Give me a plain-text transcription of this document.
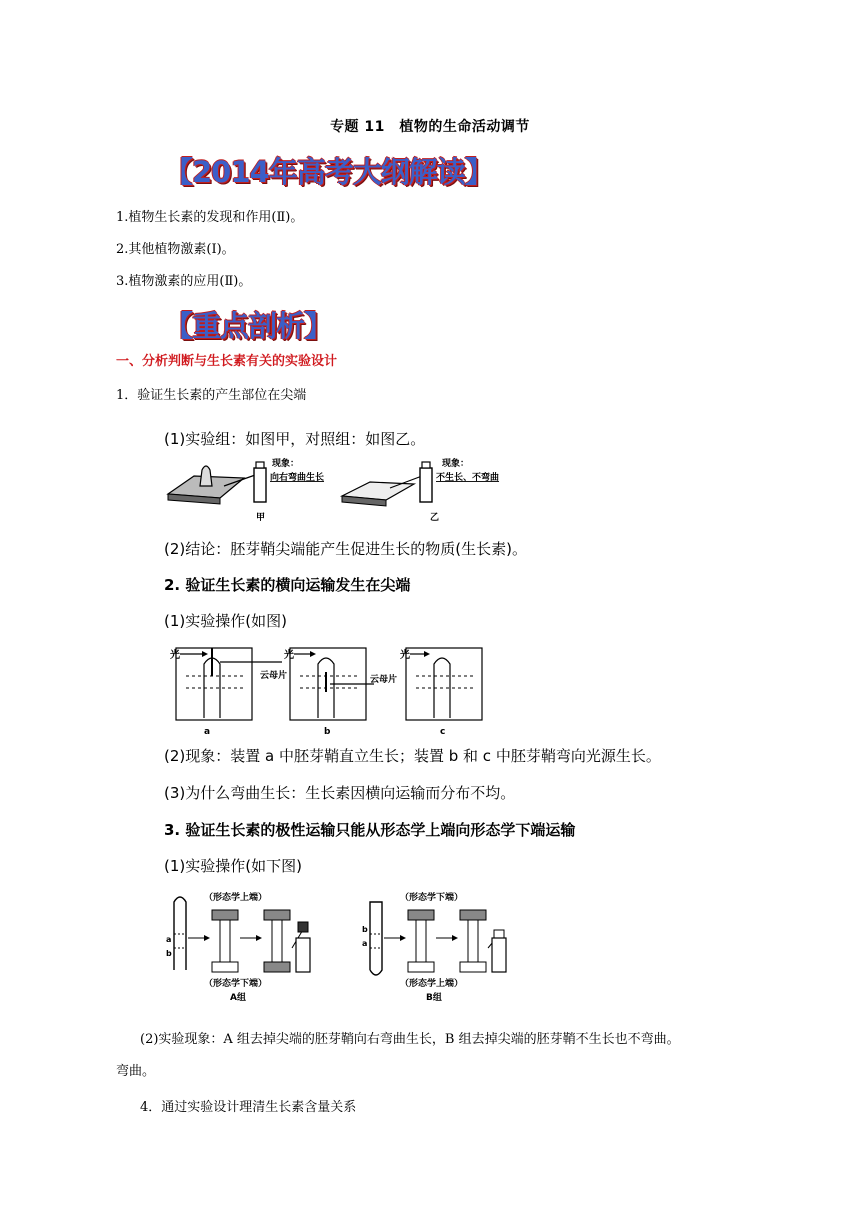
专题 11　植物的生命活动调节
【2014年高考大纲解读】
1.植物生长素的发现和作用(Ⅱ)。
2.其他植物激素(Ⅰ)。
3.植物激素的应用(Ⅱ)。
【重点剖析】
一、分析判断与生长素有关的实验设计
1．验证生长素的产生部位在尖端
(1)实验组：如图甲，对照组：如图乙。
现象：
向右弯曲生长
甲
现象：
不生长、不弯曲
乙
(2)结论：胚芽鞘尖端能产生促进生长的物质(生长素)。
2. 验证生长素的横向运输发生在尖端
(1)实验操作(如图)
光
云母片
a
光
云母片
b
光
c
(2)现象：装置 a 中胚芽鞘直立生长；装置 b 和 c 中胚芽鞘弯向光源生长。
(3)为什么弯曲生长：生长素因横向运输而分布不均。
3. 验证生长素的极性运输只能从形态学上端向形态学下端运输
(1)实验操作(如下图)
（形态学上端）
a
b
（形态学下端）
A组
（形态学下端）
b
a
（形态学上端）
B组
(2)实验现象：A 组去掉尖端的胚芽鞘向右弯曲生长，B 组去掉尖端的胚芽鞘不生长也不弯曲。
弯曲。
4．通过实验设计理清生长素含量关系
